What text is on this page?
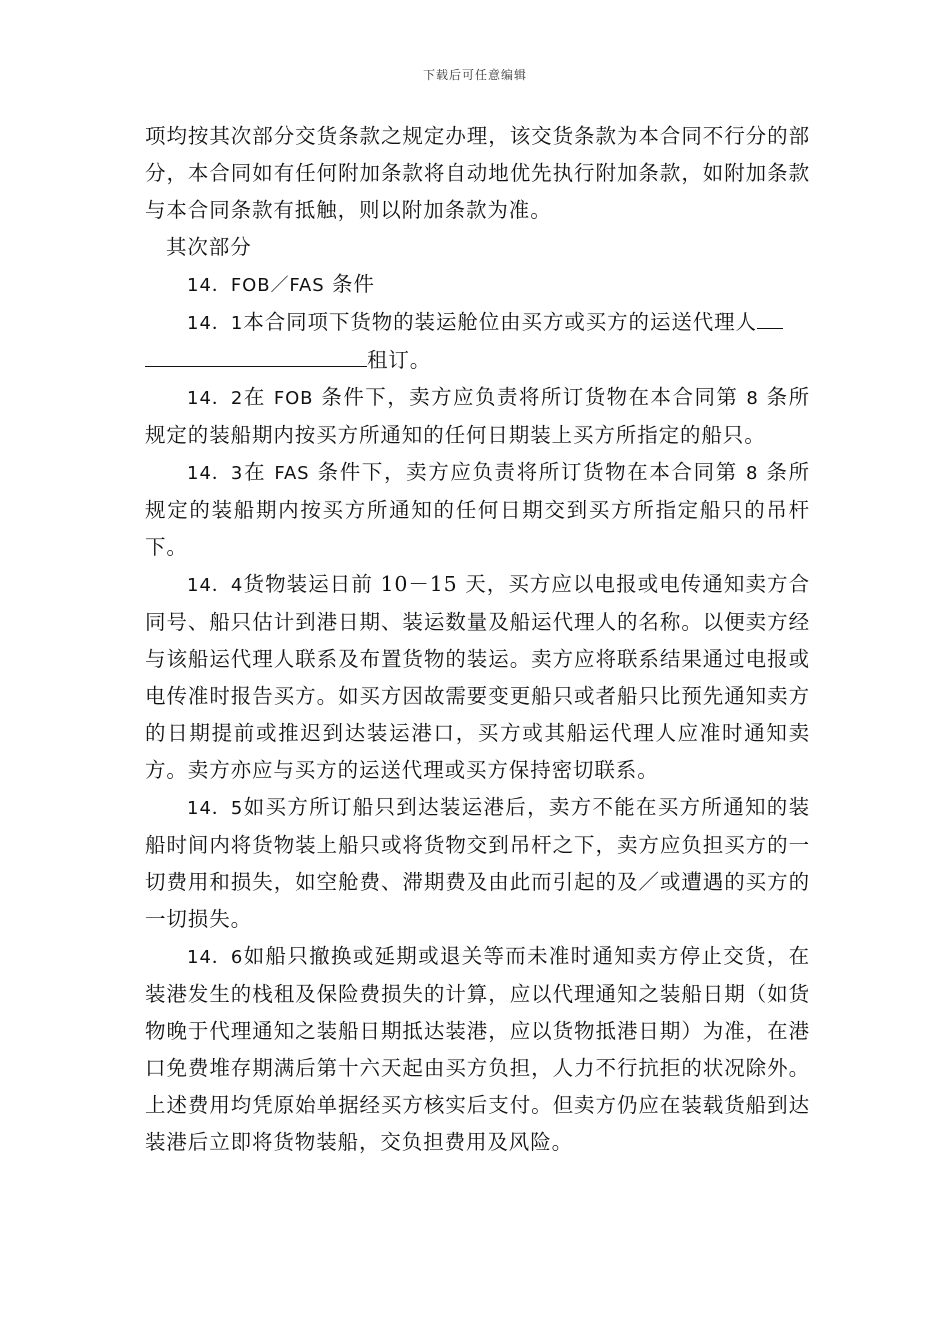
下载后可任意编辑

项均按其次部分交货条款之规定办理，该交货条款为本合同不行分的部分，本合同如有任何附加条款将自动地优先执行附加条款，如附加条款与本合同条款有抵触，则以附加条款为准。

其次部分

14．FOB／FAS 条件

14．1本合同项下货物的装运舱位由买方或买方的运送代理人
租订。

14．2在 FOB 条件下，卖方应负责将所订货物在本合同第 8 条所规定的装船期内按买方所通知的任何日期装上买方所指定的船只。

14．3在 FAS 条件下，卖方应负责将所订货物在本合同第 8 条所规定的装船期内按买方所通知的任何日期交到买方所指定船只的吊杆下。

14．4货物装运日前 10－15 天，买方应以电报或电传通知卖方合同号、船只估计到港日期、装运数量及船运代理人的名称。以便卖方经与该船运代理人联系及布置货物的装运。卖方应将联系结果通过电报或电传准时报告买方。如买方因故需要变更船只或者船只比预先通知卖方的日期提前或推迟到达装运港口，买方或其船运代理人应准时通知卖方。卖方亦应与买方的运送代理或买方保持密切联系。

14．5如买方所订船只到达装运港后，卖方不能在买方所通知的装船时间内将货物装上船只或将货物交到吊杆之下，卖方应负担买方的一切费用和损失，如空舱费、滞期费及由此而引起的及／或遭遇的买方的一切损失。

14．6如船只撤换或延期或退关等而未准时通知卖方停止交货，在装港发生的栈租及保险费损失的计算，应以代理通知之装船日期（如货物晚于代理通知之装船日期抵达装港，应以货物抵港日期）为准，在港口免费堆存期满后第十六天起由买方负担，人力不行抗拒的状况除外。上述费用均凭原始单据经买方核实后支付。但卖方仍应在装载货船到达装港后立即将货物装船，交负担费用及风险。
